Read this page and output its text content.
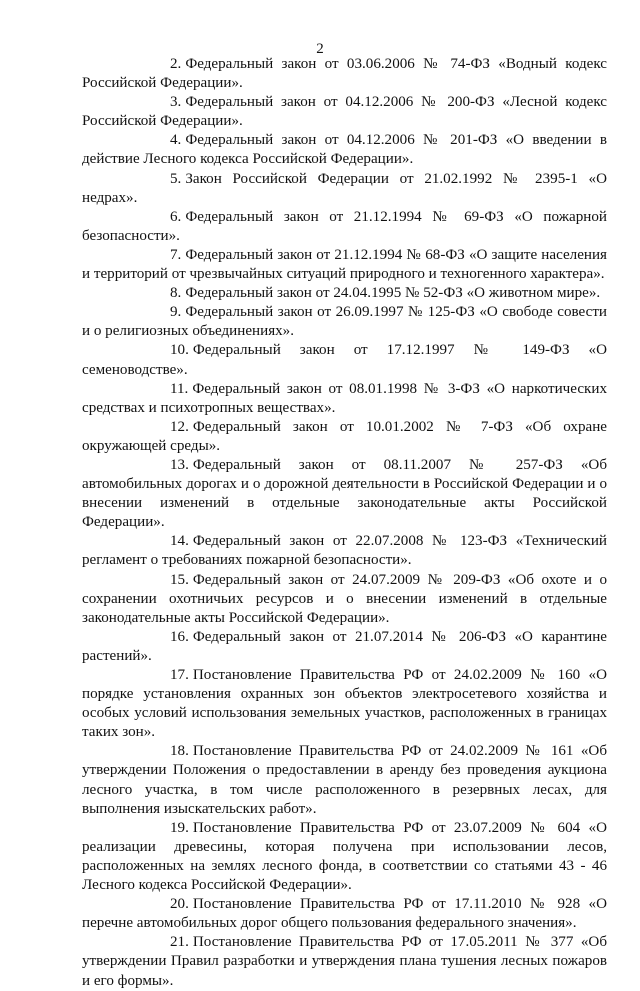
2

2. Федеральный закон от 03.06.2006 № 74-ФЗ «Водный кодекс Российской Федерации».

3. Федеральный закон от 04.12.2006 № 200-ФЗ «Лесной кодекс Российской Федерации».

4. Федеральный закон от 04.12.2006 № 201-ФЗ «О введении в действие Лесного кодекса Российской Федерации».

5. Закон Российской Федерации от 21.02.1992 № 2395-1 «О недрах».

6. Федеральный закон от 21.12.1994 № 69-ФЗ «О пожарной безопасности».

7. Федеральный закон от 21.12.1994 № 68-ФЗ «О защите населения и территорий от чрезвычайных ситуаций природного и техногенного характера».

8. Федеральный закон от 24.04.1995 № 52-ФЗ «О животном мире».

9. Федеральный закон от 26.09.1997 № 125-ФЗ «О свободе совести и о религиозных объединениях».

10. Федеральный закон от 17.12.1997 № 149-ФЗ «О семеноводстве».

11. Федеральный закон от 08.01.1998 № 3-ФЗ «О наркотических средствах и психотропных веществах».

12. Федеральный закон от 10.01.2002 № 7-ФЗ «Об охране окружающей среды».

13. Федеральный закон от 08.11.2007 № 257-ФЗ «Об автомобильных дорогах и о дорожной деятельности в Российской Федерации и о внесении изменений в отдельные законодательные акты Российской Федерации».

14. Федеральный закон от 22.07.2008 № 123-ФЗ «Технический регламент о требованиях пожарной безопасности».

15. Федеральный закон от 24.07.2009 № 209-ФЗ «Об охоте и о сохранении охотничьих ресурсов и о внесении изменений в отдельные законодательные акты Российской Федерации».

16. Федеральный закон от 21.07.2014 № 206-ФЗ «О карантине растений».

17. Постановление Правительства РФ от 24.02.2009 № 160 «О порядке установления охранных зон объектов электросетевого хозяйства и особых условий использования земельных участков, расположенных в границах таких зон».

18. Постановление Правительства РФ от 24.02.2009 № 161 «Об утверждении Положения о предоставлении в аренду без проведения аукциона лесного участка, в том числе расположенного в резервных лесах, для выполнения изыскательских работ».

19. Постановление Правительства РФ от 23.07.2009 № 604 «О реализации древесины, которая получена при использовании лесов, расположенных на землях лесного фонда, в соответствии со статьями 43 - 46 Лесного кодекса Российской Федерации».

20. Постановление Правительства РФ от 17.11.2010 № 928 «О перечне автомобильных дорог общего пользования федерального значения».

21. Постановление Правительства РФ от 17.05.2011 № 377 «Об утверждении Правил разработки и утверждения плана тушения лесных пожаров и его формы».
